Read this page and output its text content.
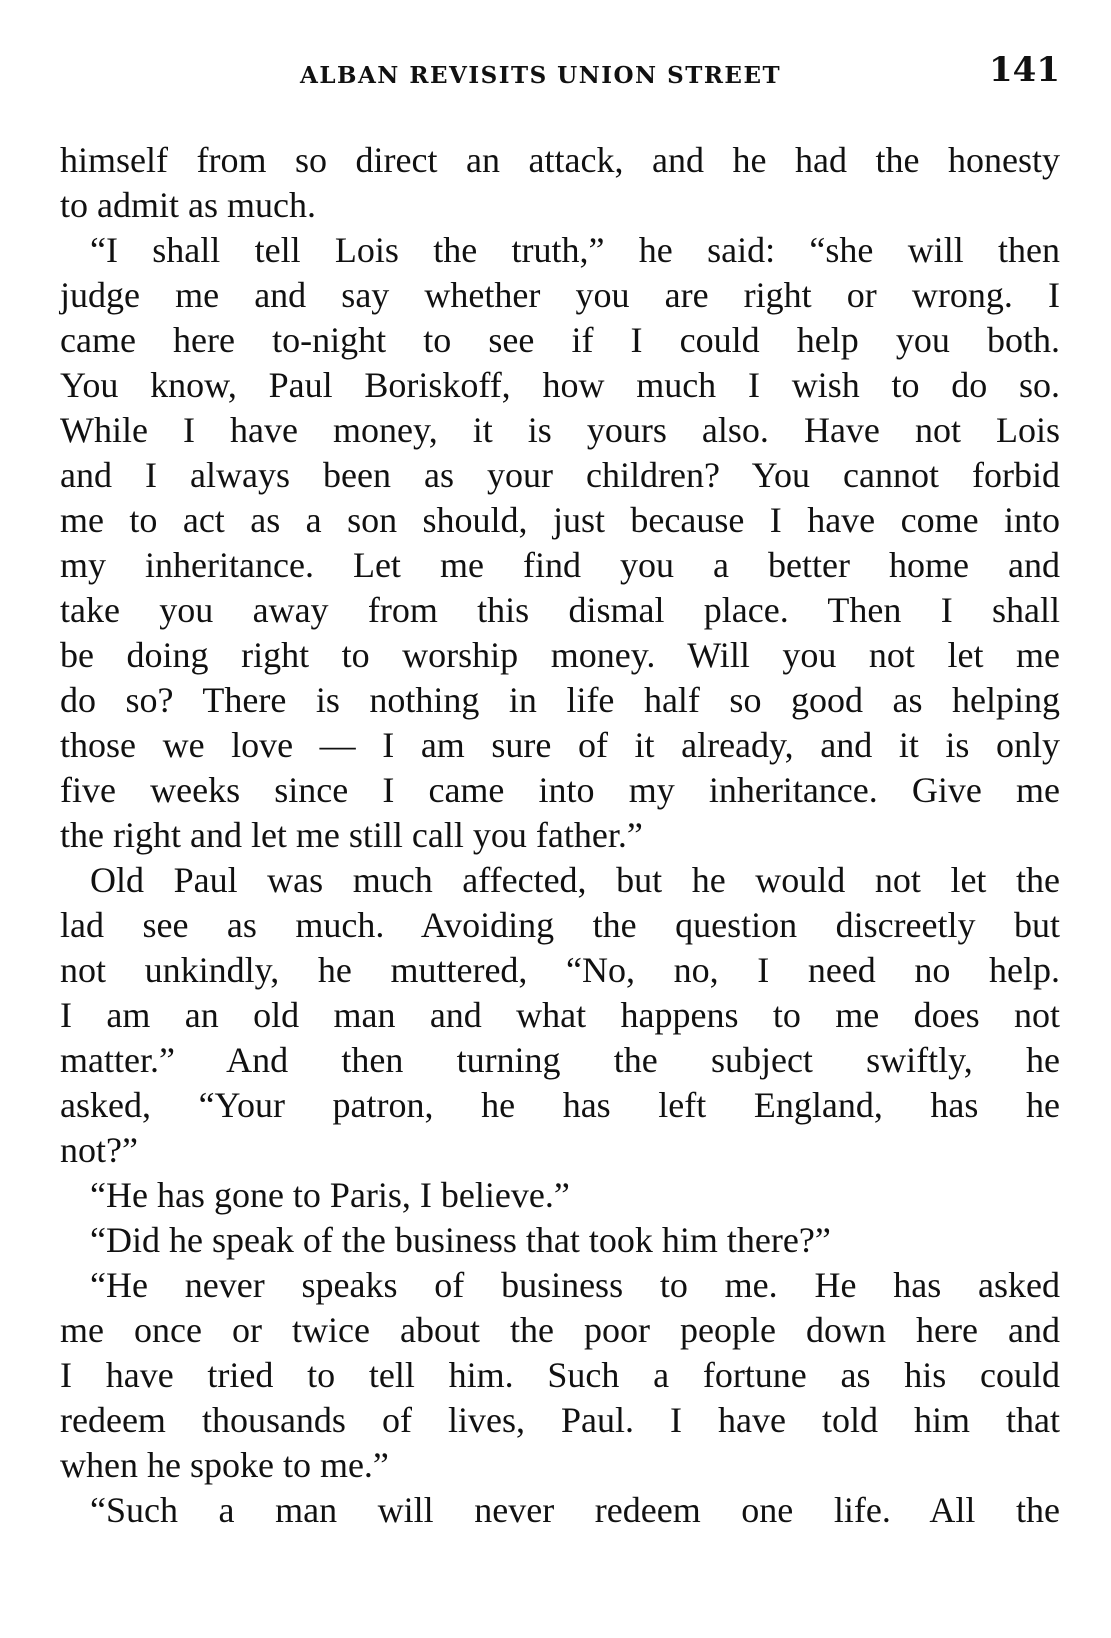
ALBAN REVISITS UNION STREET	141
himself from so direct an attack, and he had the honesty
to admit as much.
“I shall tell Lois the truth,” he said: “she will then
judge me and say whether you are right or wrong. I
came here to-night to see if I could help you both.
You know, Paul Boriskoff, how much I wish to do so.
While I have money, it is yours also. Have not Lois
and I always been as your children? You cannot forbid
me to act as a son should, just because I have come into
my inheritance. Let me find you a better home and
take you away from this dismal place. Then I shall
be doing right to worship money. Will you not let me
do so? There is nothing in life half so good as helping
those we love — I am sure of it already, and it is only
five weeks since I came into my inheritance. Give me
the right and let me still call you father.”
Old Paul was much affected, but he would not let the
lad see as much. Avoiding the question discreetly but
not unkindly, he muttered, “No, no, I need no help.
I am an old man and what happens to me does not
matter.” And then turning the subject swiftly, he
asked, “Your patron, he has left England, has he
not?”
“He has gone to Paris, I believe.”
“Did he speak of the business that took him there?”
“He never speaks of business to me. He has asked
me once or twice about the poor people down here and
I have tried to tell him. Such a fortune as his could
redeem thousands of lives, Paul. I have told him that
when he spoke to me.”
“Such a man will never redeem one life. All the
